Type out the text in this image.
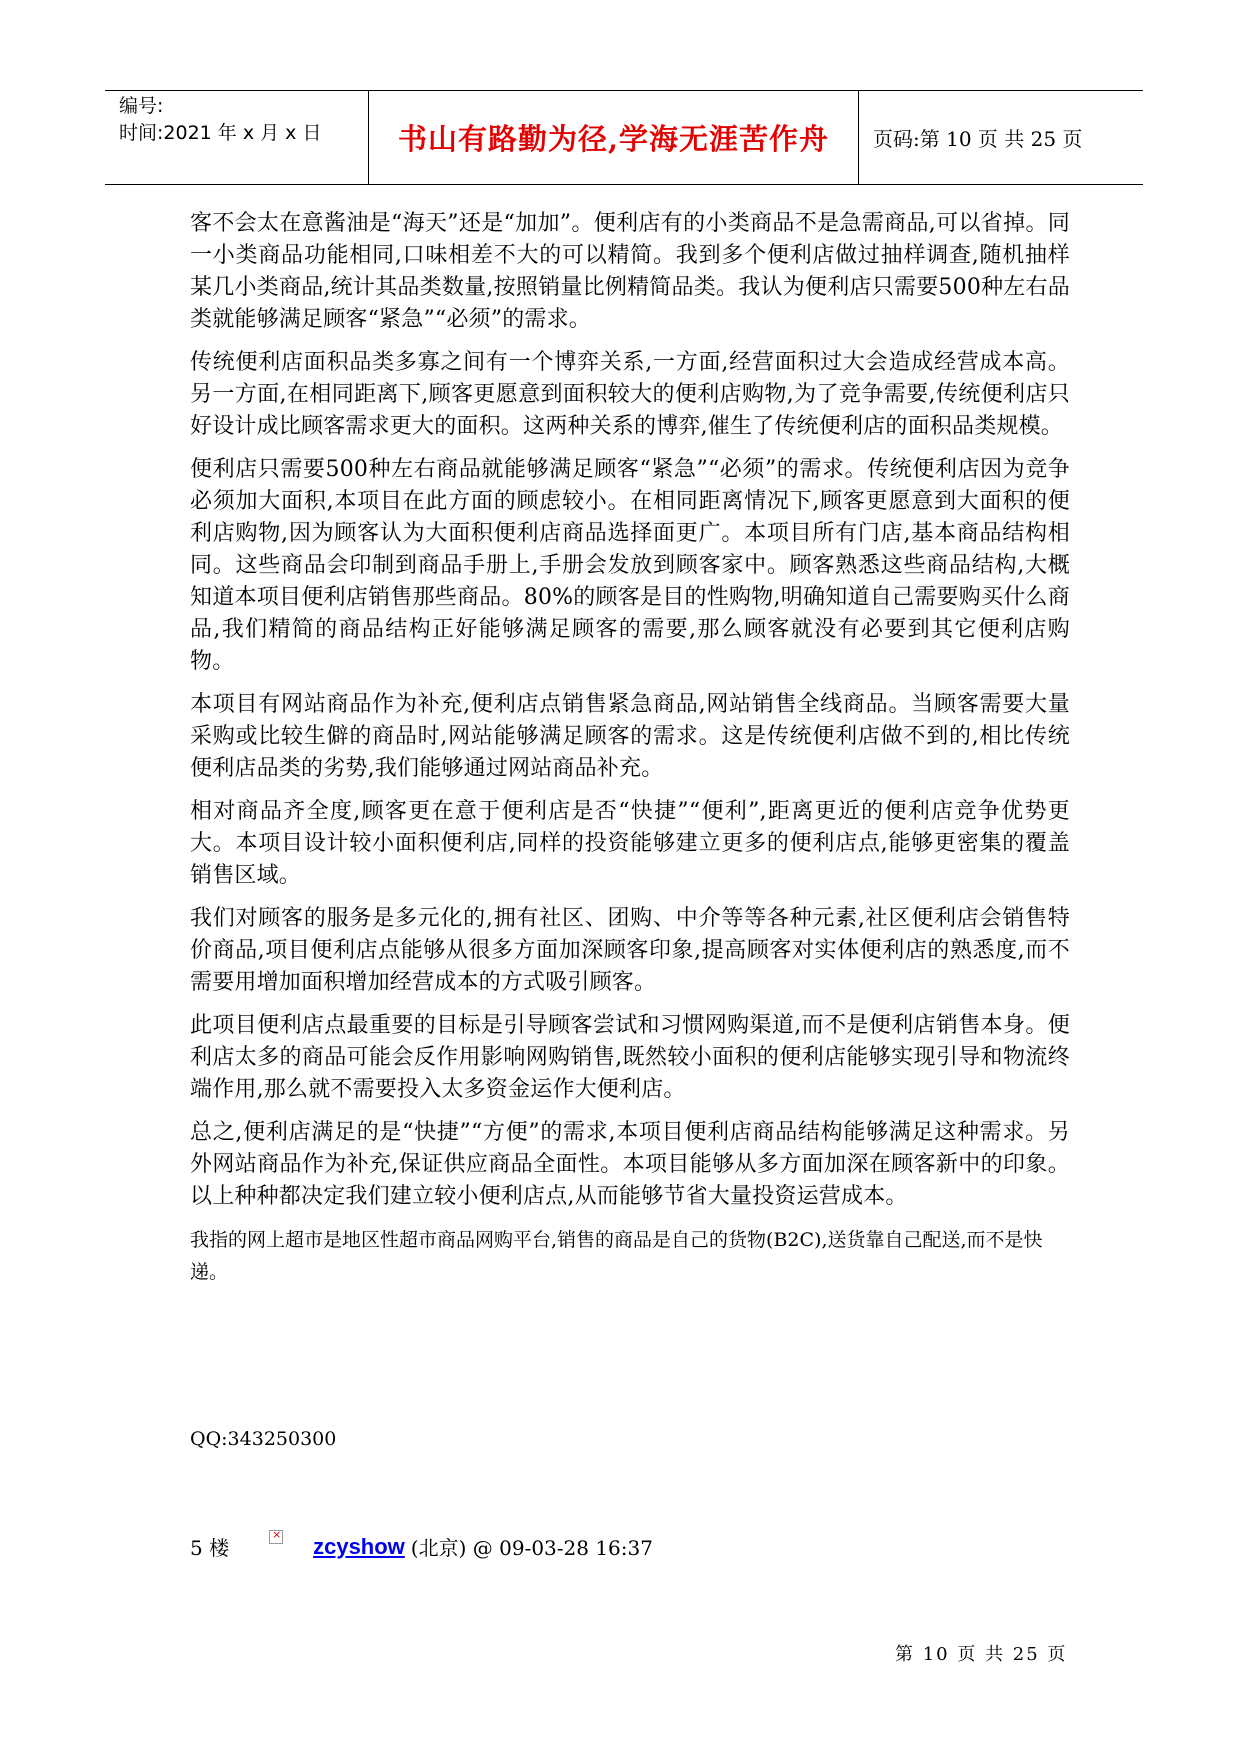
编号:
时间:2021 年 x 月 x 日	书山有路勤为径,学海无涯苦作舟 页码:第 10 页 共 25 页

客不会太在意酱油是“海天”还是“加加”。便利店有的小类商品不是急需商品,可以省掉。同一小类商品功能相同,口味相差不大的可以精简。我到多个便利店做过抽样调查,随机抽样某几小类商品,统计其品类数量,按照销量比例精简品类。我认为便利店只需要500种左右品类就能够满足顾客“紧急”“必须”的需求。

传统便利店面积品类多寡之间有一个博弈关系,一方面,经营面积过大会造成经营成本高。另一方面,在相同距离下,顾客更愿意到面积较大的便利店购物,为了竞争需要,传统便利店只好设计成比顾客需求更大的面积。这两种关系的博弈,催生了传统便利店的面积品类规模。

便利店只需要500种左右商品就能够满足顾客“紧急”“必须”的需求。传统便利店因为竞争必须加大面积,本项目在此方面的顾虑较小。在相同距离情况下,顾客更愿意到大面积的便利店购物,因为顾客认为大面积便利店商品选择面更广。本项目所有门店,基本商品结构相同。这些商品会印制到商品手册上,手册会发放到顾客家中。顾客熟悉这些商品结构,大概知道本项目便利店销售那些商品。80%的顾客是目的性购物,明确知道自己需要购买什么商品,我们精简的商品结构正好能够满足顾客的需要,那么顾客就没有必要到其它便利店购物。

本项目有网站商品作为补充,便利店点销售紧急商品,网站销售全线商品。当顾客需要大量采购或比较生僻的商品时,网站能够满足顾客的需求。这是传统便利店做不到的,相比传统便利店品类的劣势,我们能够通过网站商品补充。

相对商品齐全度,顾客更在意于便利店是否“快捷”“便利”,距离更近的便利店竞争优势更大。本项目设计较小面积便利店,同样的投资能够建立更多的便利店点,能够更密集的覆盖销售区域。

我们对顾客的服务是多元化的,拥有社区、团购、中介等等各种元素,社区便利店会销售特价商品,项目便利店点能够从很多方面加深顾客印象,提高顾客对实体便利店的熟悉度,而不需要用增加面积增加经营成本的方式吸引顾客。

此项目便利店点最重要的目标是引导顾客尝试和习惯网购渠道,而不是便利店销售本身。便利店太多的商品可能会反作用影响网购销售,既然较小面积的便利店能够实现引导和物流终端作用,那么就不需要投入太多资金运作大便利店。

总之,便利店满足的是“快捷”“方便”的需求,本项目便利店商品结构能够满足这种需求。另外网站商品作为补充,保证供应商品全面性。本项目能够从多方面加深在顾客新中的印象。以上种种都决定我们建立较小便利店点,从而能够节省大量投资运营成本。

我指的网上超市是地区性超市商品网购平台,销售的商品是自己的货物(B2C),送货靠自己配送,而不是快递。

QQ:343250300
5 楼
×	zcyshow (北京) @ 09-03-28 16:37
第 10 页 共 25 页
